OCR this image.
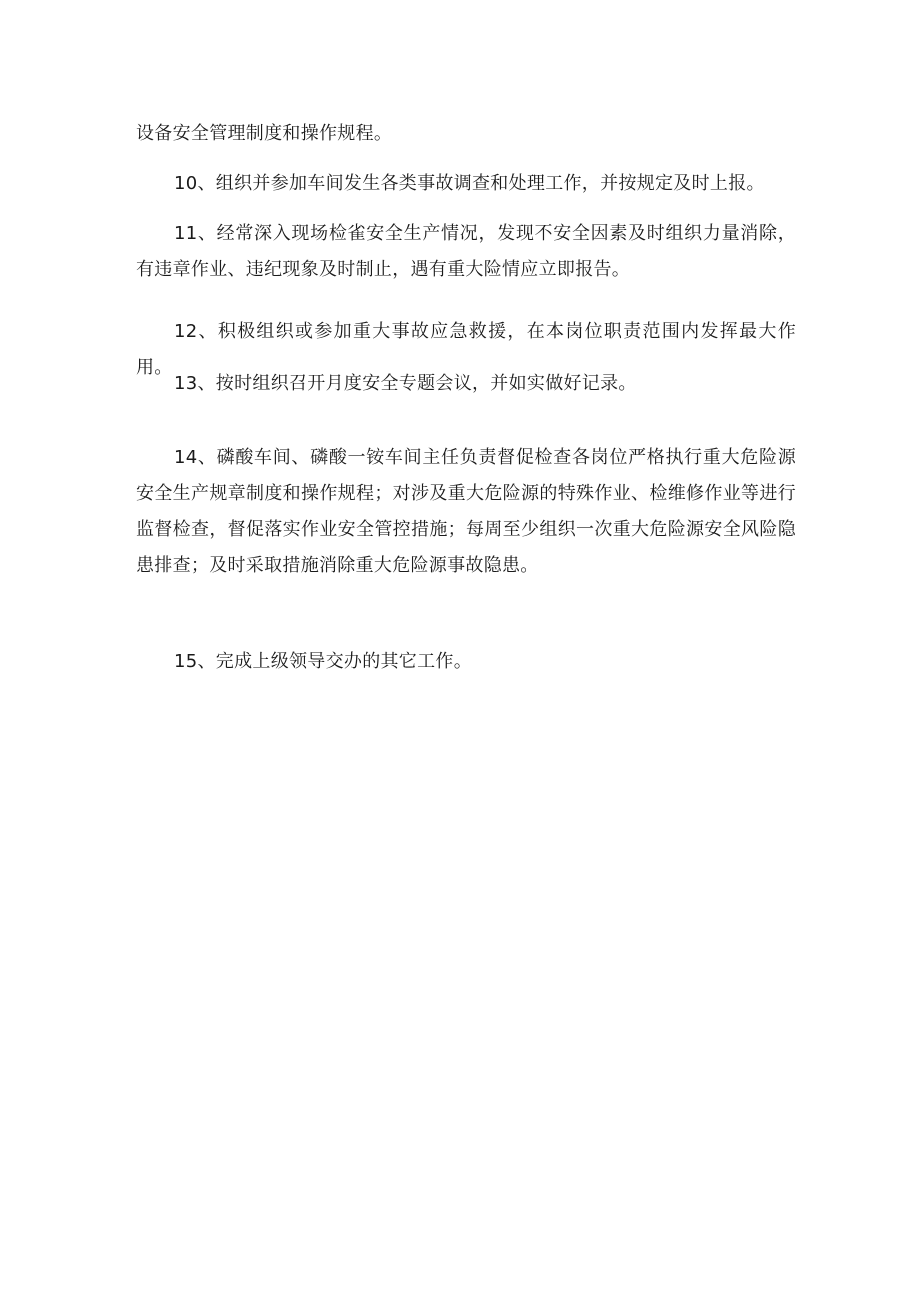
设备安全管理制度和操作规程。

10、组织并参加车间发生各类事故调查和处理工作，并按规定及时上报。

11、经常深入现场检雀安全生产情况，发现不安全因素及时组织力量消除，有违章作业、违纪现象及时制止，遇有重大险情应立即报告。

12、积极组织或参加重大事故应急救援，在本岗位职责范围内发挥最大作用。

13、按时组织召开月度安全专题会议，并如实做好记录。

14、磷酸车间、磷酸一铵车间主任负责督促检查各岗位严格执行重大危险源安全生产规章制度和操作规程；对涉及重大危险源的特殊作业、检维修作业等进行监督检查，督促落实作业安全管控措施；每周至少组织一次重大危险源安全风险隐患排查；及时采取措施消除重大危险源事故隐患。

15、完成上级领导交办的其它工作。
